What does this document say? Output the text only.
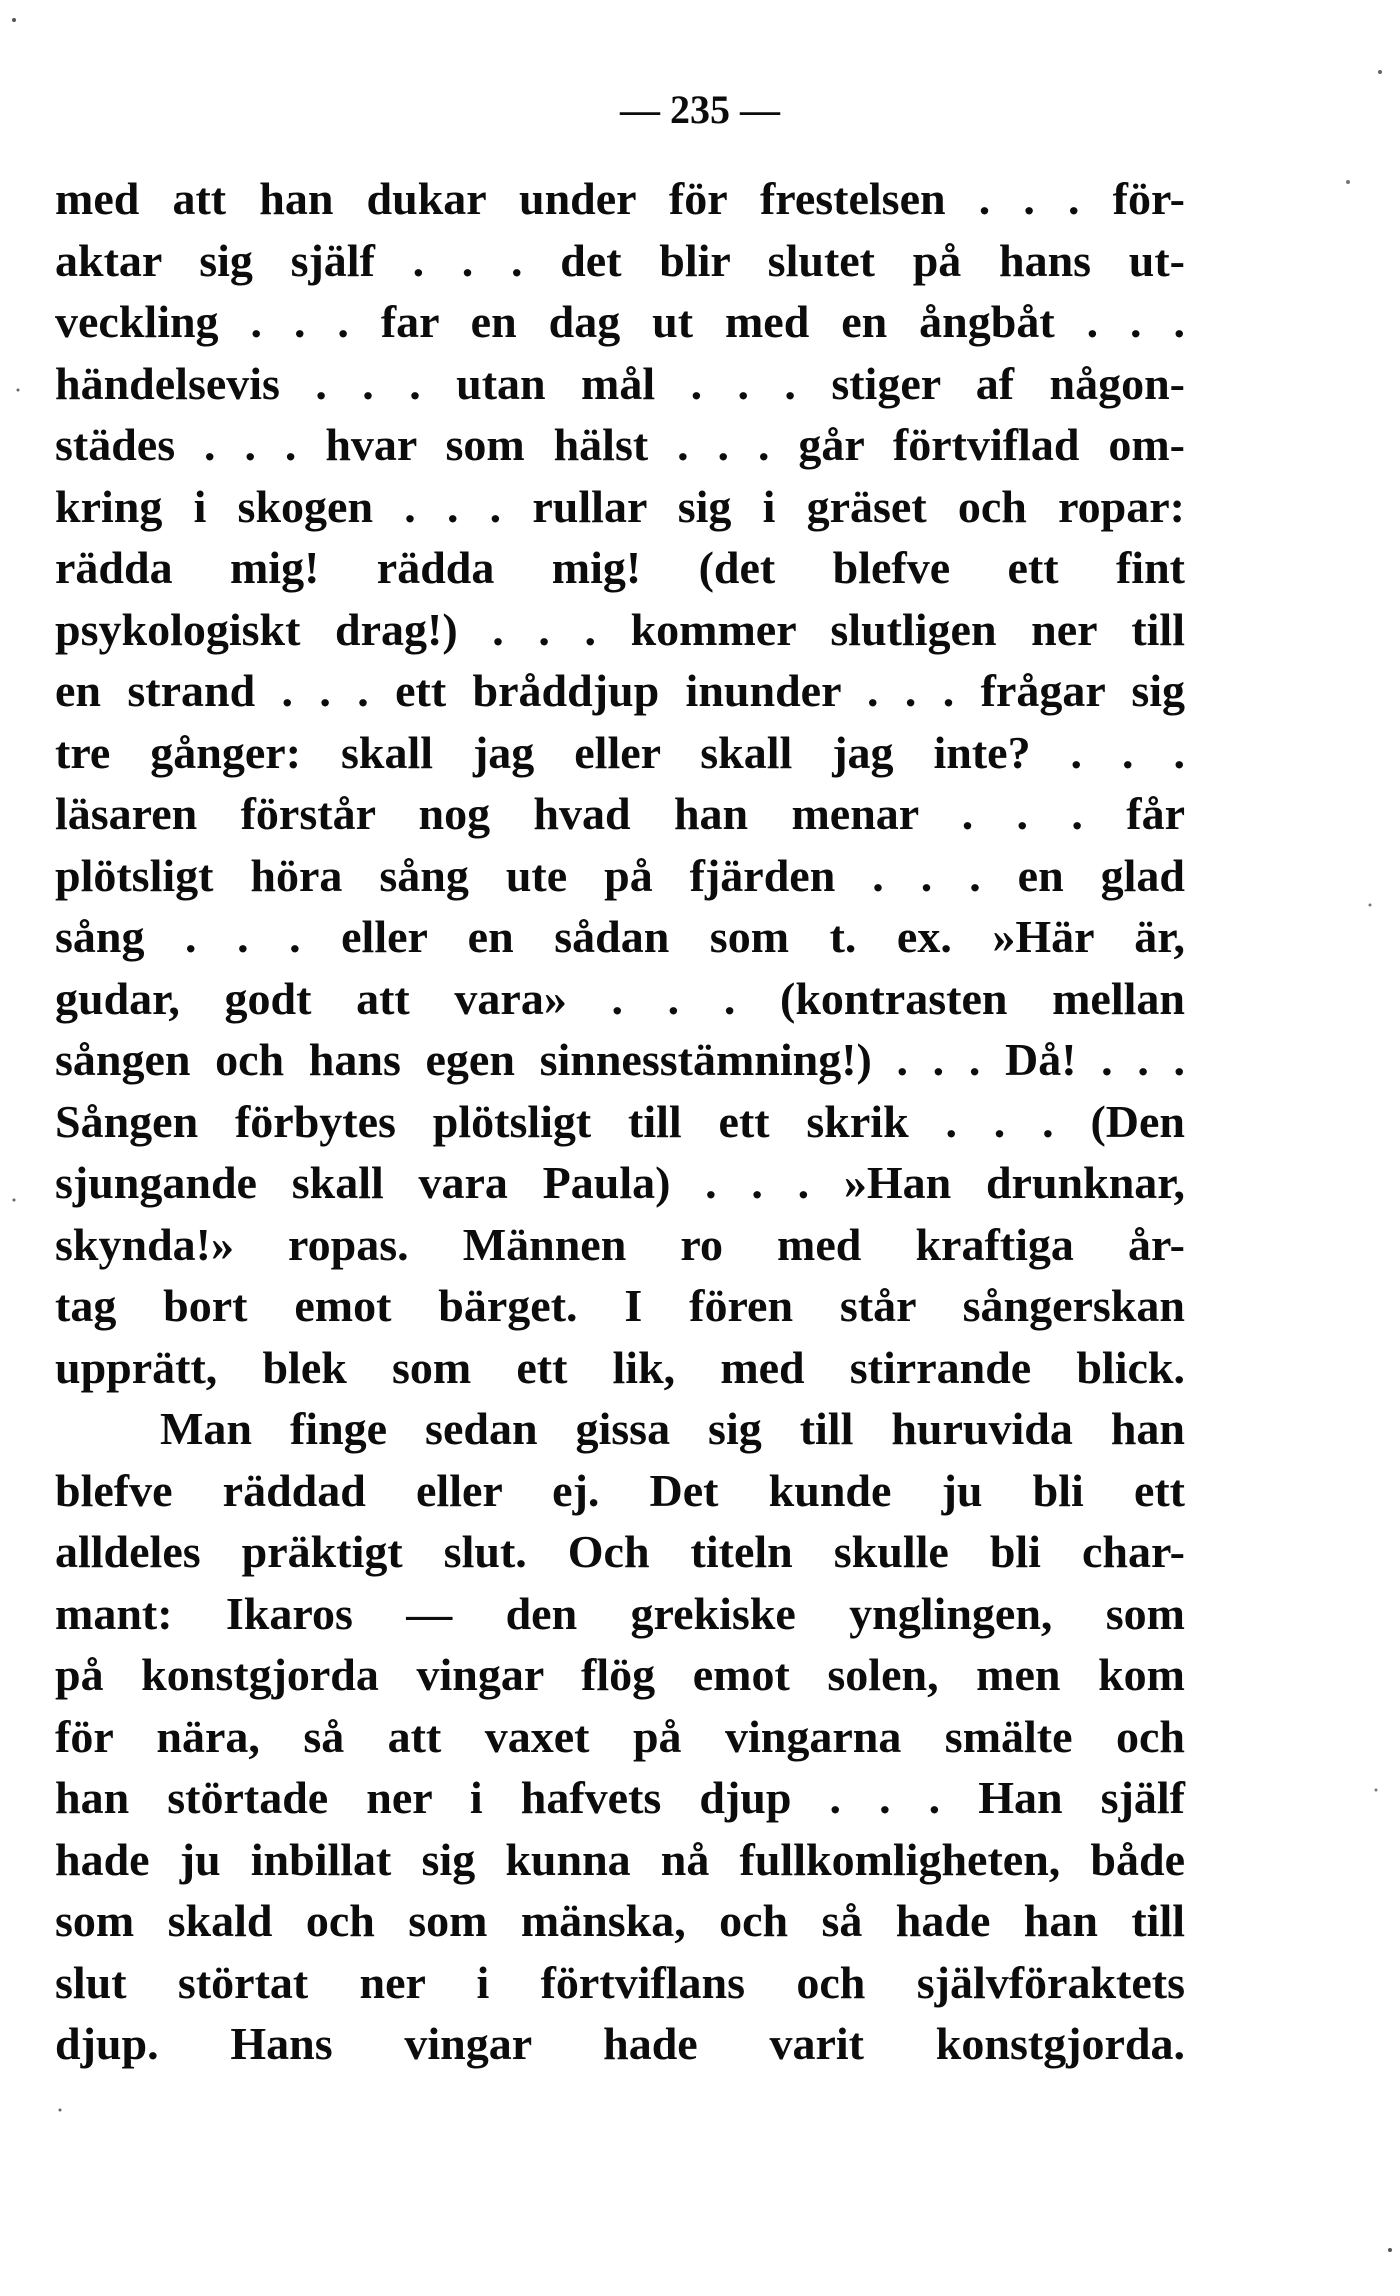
— 235 —
med att han dukar under för frestelsen . . . för-
aktar sig själf . . . det blir slutet på hans ut-
veckling . . . far en dag ut med en ångbåt . . .
händelsevis . . . utan mål . . . stiger af någon-
städes . . . hvar som hälst . . . går förtviflad om-
kring i skogen . . . rullar sig i gräset och ropar:
rädda mig! rädda mig! (det blefve ett fint
psykologiskt drag!) . . . kommer slutligen ner till
en strand . . . ett bråddjup inunder . . . frågar sig
tre gånger: skall jag eller skall jag inte? . . .
läsaren förstår nog hvad han menar . . . får
plötsligt höra sång ute på fjärden . . . en glad
sång . . . eller en sådan som t. ex. »Här är,
gudar, godt att vara» . . . (kontrasten mellan
sången och hans egen sinnesstämning!) . . . Då! . . .
Sången förbytes plötsligt till ett skrik . . . (Den
sjungande skall vara Paula) . . . »Han drunknar,
skynda!» ropas. Männen ro med kraftiga år-
tag bort emot bärget. I fören står sångerskan
upprätt, blek som ett lik, med stirrande blick.
Man finge sedan gissa sig till huruvida han
blefve räddad eller ej. Det kunde ju bli ett
alldeles präktigt slut. Och titeln skulle bli char-
mant: Ikaros — den grekiske ynglingen, som
på konstgjorda vingar flög emot solen, men kom
för nära, så att vaxet på vingarna smälte och
han störtade ner i hafvets djup . . . Han själf
hade ju inbillat sig kunna nå fullkomligheten, både
som skald och som mänska, och så hade han till
slut störtat ner i förtviflans och självföraktets
djup. Hans vingar hade varit konstgjorda.
